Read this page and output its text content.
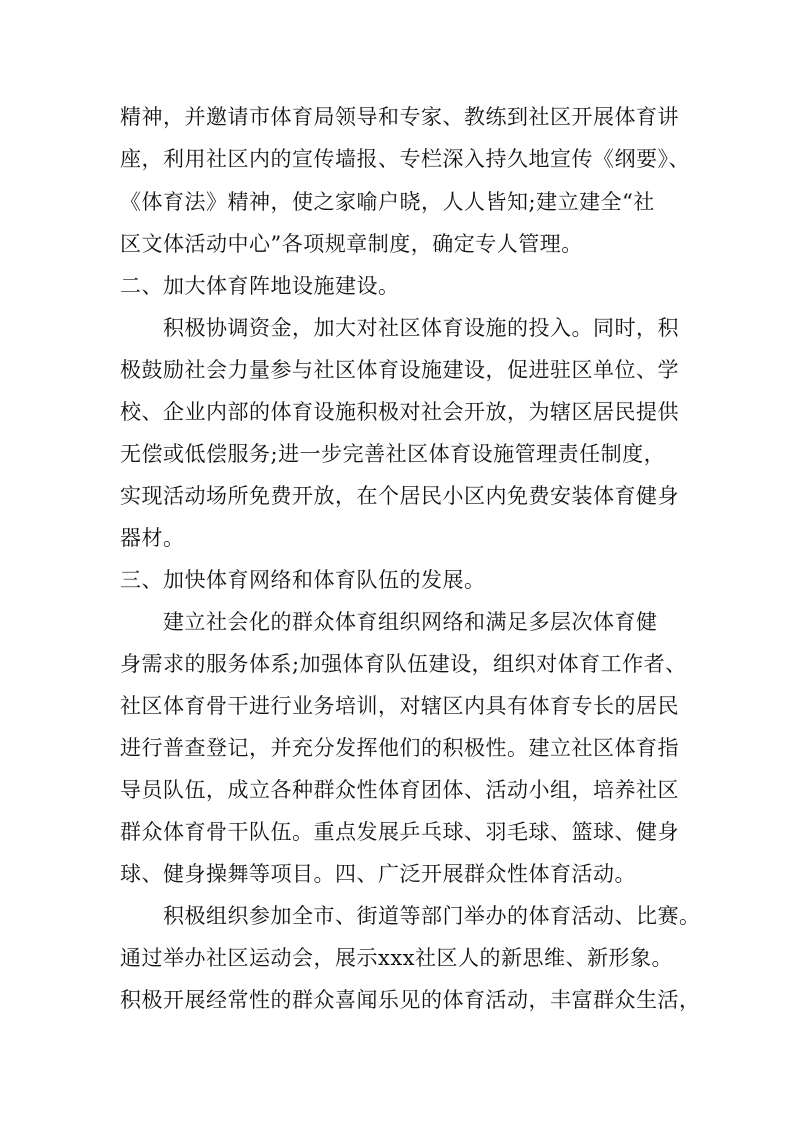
精神，并邀请市体育局领导和专家、教练到社区开展体育讲
座，利用社区内的宣传墙报、专栏深入持久地宣传《纲要》、
《体育法》精神，使之家喻户晓，人人皆知;建立建全“社
区文体活动中心”各项规章制度，确定专人管理。
二、加大体育阵地设施建设。
积极协调资金，加大对社区体育设施的投入。同时，积
极鼓励社会力量参与社区体育设施建设，促进驻区单位、学
校、企业内部的体育设施积极对社会开放，为辖区居民提供
无偿或低偿服务;进一步完善社区体育设施管理责任制度，
实现活动场所免费开放，在个居民小区内免费安装体育健身
器材。
三、加快体育网络和体育队伍的发展。
建立社会化的群众体育组织网络和满足多层次体育健
身需求的服务体系;加强体育队伍建设，组织对体育工作者、
社区体育骨干进行业务培训，对辖区内具有体育专长的居民
进行普查登记，并充分发挥他们的积极性。建立社区体育指
导员队伍，成立各种群众性体育团体、活动小组，培养社区
群众体育骨干队伍。重点发展乒乓球、羽毛球、篮球、健身
球、健身操舞等项目。四、广泛开展群众性体育活动。
积极组织参加全市、街道等部门举办的体育活动、比赛。
通过举办社区运动会，展示xxx社区人的新思维、新形象。
积极开展经常性的群众喜闻乐见的体育活动，丰富群众生活，
